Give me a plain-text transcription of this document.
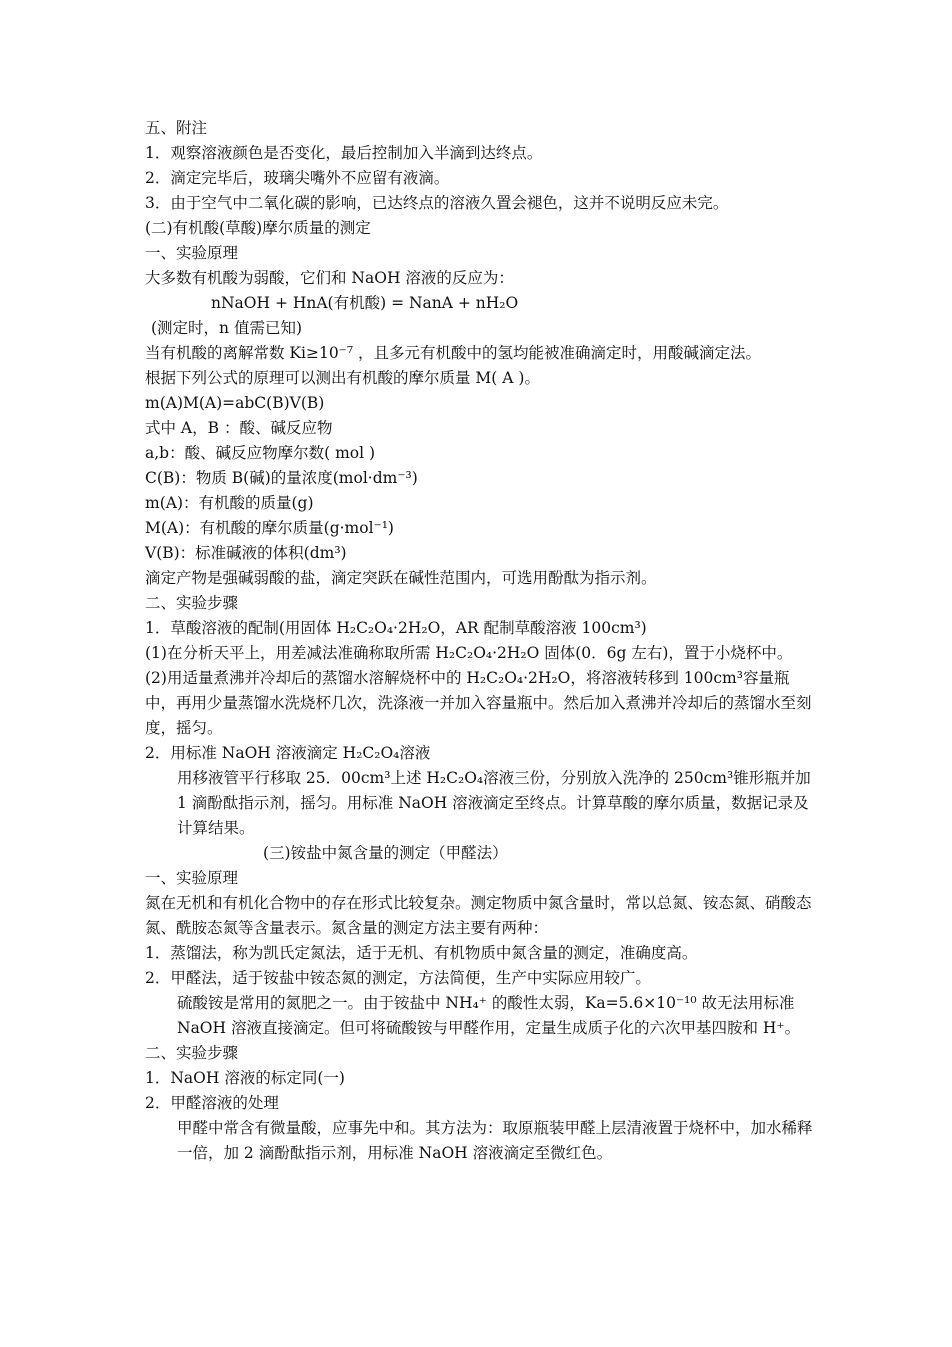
五、附注
1．观察溶液颜色是否变化，最后控制加入半滴到达终点。
2．滴定完毕后，玻璃尖嘴外不应留有液滴。
3．由于空气中二氧化碳的影响，已达终点的溶液久置会褪色，这并不说明反应未完。
(二)有机酸(草酸)摩尔质量的测定
一、实验原理
大多数有机酸为弱酸，它们和 NaOH 溶液的反应为：
nNaOH + HnA(有机酸) = NanA + nH₂O
(测定时，n 值需已知)
当有机酸的离解常数 Ki≥10⁻⁷ ，且多元有机酸中的氢均能被准确滴定时，用酸碱滴定法。
根据下列公式的原理可以测出有机酸的摩尔质量 M( A )。
m(A)M(A)=abC(B)V(B)
式中 A，B ：酸、碱反应物
a,b：酸、碱反应物摩尔数( mol )
C(B)：物质 B(碱)的量浓度(mol·dm⁻³)
m(A)：有机酸的质量(g)
M(A)：有机酸的摩尔质量(g·mol⁻¹)
V(B)：标准碱液的体积(dm³)
滴定产物是强碱弱酸的盐，滴定突跃在碱性范围内，可选用酚酞为指示剂。
二、实验步骤
1．草酸溶液的配制(用固体 H₂C₂O₄·2H₂O，AR 配制草酸溶液 100cm³)
(1)在分析天平上，用差减法准确称取所需 H₂C₂O₄·2H₂O 固体(0．6g 左右)，置于小烧杯中。
(2)用适量煮沸并冷却后的蒸馏水溶解烧杯中的 H₂C₂O₄·2H₂O，将溶液转移到 100cm³容量瓶中，再用少量蒸馏水洗烧杯几次，洗涤液一并加入容量瓶中。然后加入煮沸并冷却后的蒸馏水至刻度，摇匀。
2．用标准 NaOH 溶液滴定 H₂C₂O₄溶液
用移液管平行移取 25．00cm³上述 H₂C₂O₄溶液三份，分别放入洗净的 250cm³锥形瓶并加 1 滴酚酞指示剂，摇匀。用标准 NaOH 溶液滴定至终点。计算草酸的摩尔质量，数据记录及计算结果。
(三)铵盐中氮含量的测定（甲醛法）
一、实验原理
氮在无机和有机化合物中的存在形式比较复杂。测定物质中氮含量时，常以总氮、铵态氮、硝酸态氮、酰胺态氮等含量表示。氮含量的测定方法主要有两种：
1．蒸馏法，称为凯氏定氮法，适于无机、有机物质中氮含量的测定，准确度高。
2．甲醛法，适于铵盐中铵态氮的测定，方法简便，生产中实际应用较广。
硫酸铵是常用的氮肥之一。由于铵盐中 NH₄⁺ 的酸性太弱，Ka=5.6×10⁻¹⁰ 故无法用标准 NaOH 溶液直接滴定。但可将硫酸铵与甲醛作用，定量生成质子化的六次甲基四胺和 H⁺。
二、实验步骤
1．NaOH 溶液的标定同(一)
2．甲醛溶液的处理
甲醛中常含有微量酸，应事先中和。其方法为：取原瓶装甲醛上层清液置于烧杯中，加水稀释一倍，加 2 滴酚酞指示剂，用标准 NaOH 溶液滴定至微红色。
